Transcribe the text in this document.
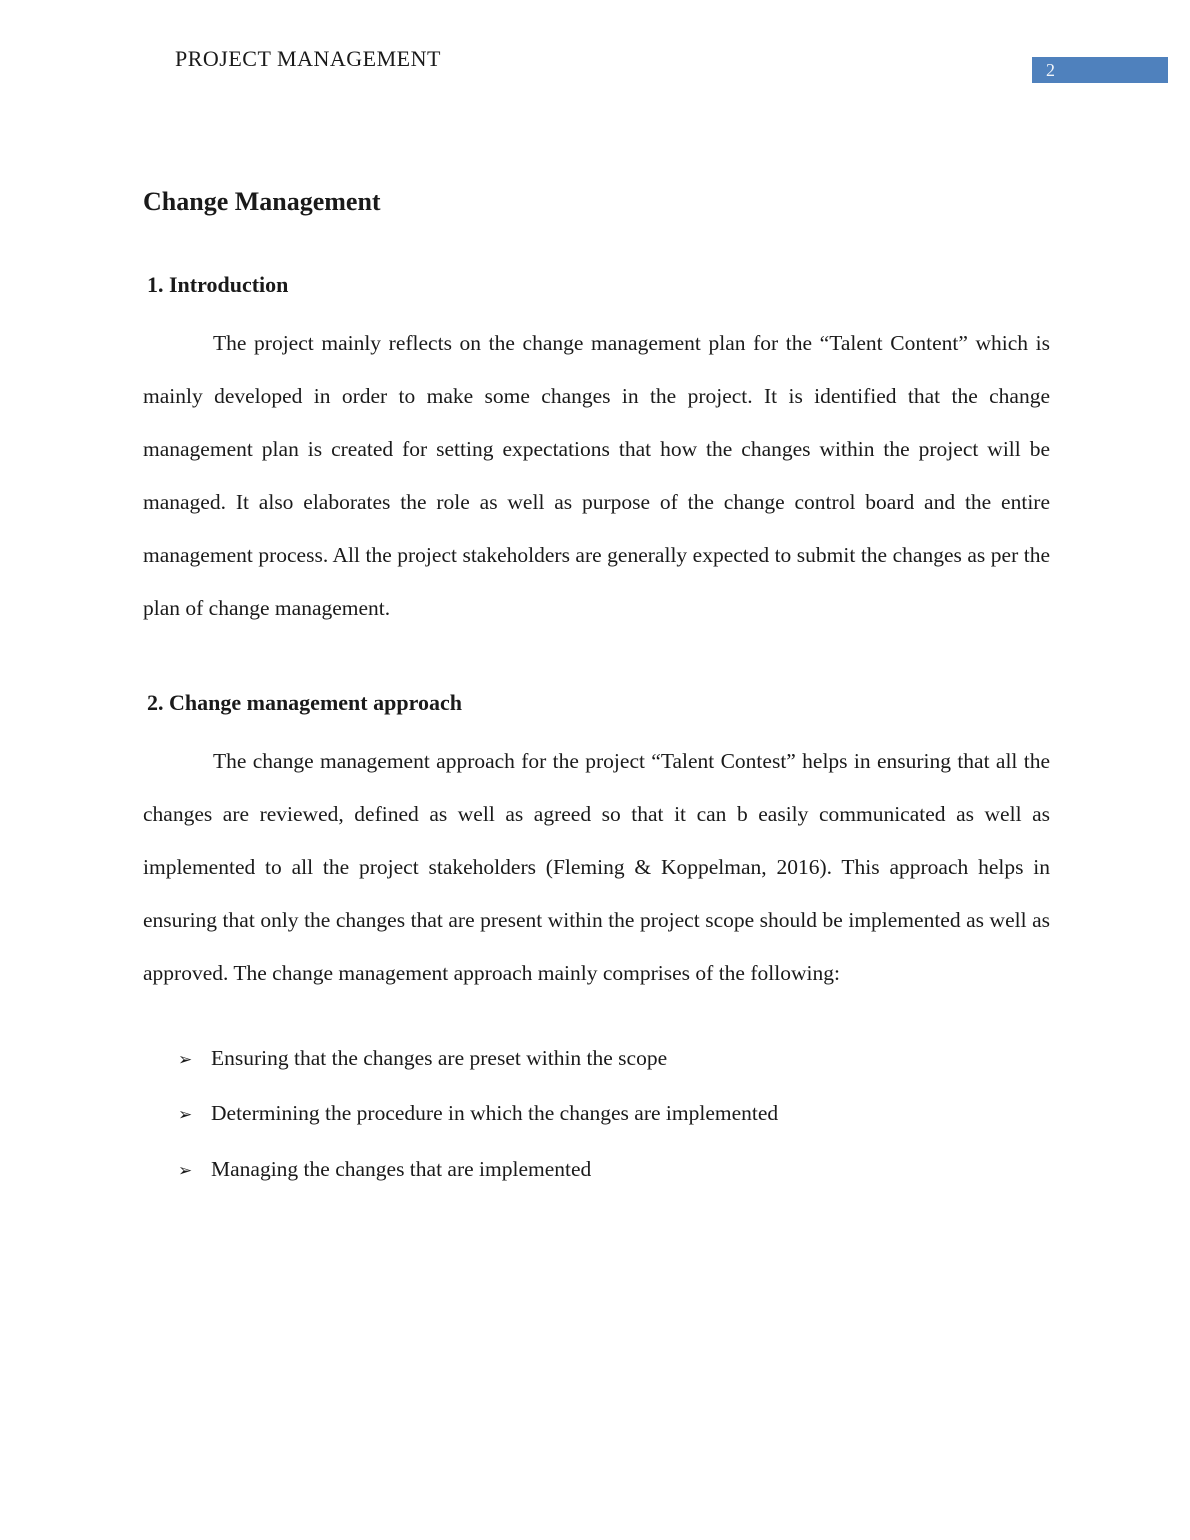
PROJECT MANAGEMENT	2
Change Management
1. Introduction

The project mainly reflects on the change management plan for the “Talent Content” which is mainly developed in order to make some changes in the project. It is identified that the change management plan is created for setting expectations that how the changes within the project will be managed. It also elaborates the role as well as purpose of the change control board and the entire management process. All the project stakeholders are generally expected to submit the changes as per the plan of change management.

2. Change management approach

The change management approach for the project “Talent Contest” helps in ensuring that all the changes are reviewed, defined as well as agreed so that it can b easily communicated as well as implemented to all the project stakeholders (Fleming & Koppelman, 2016). This approach helps in ensuring that only the changes that are present within the project scope should be implemented as well as approved. The change management approach mainly comprises of the following:

➢ Ensuring that the changes are preset within the scope
➢ Determining the procedure in which the changes are implemented
➢ Managing the changes that are implemented
